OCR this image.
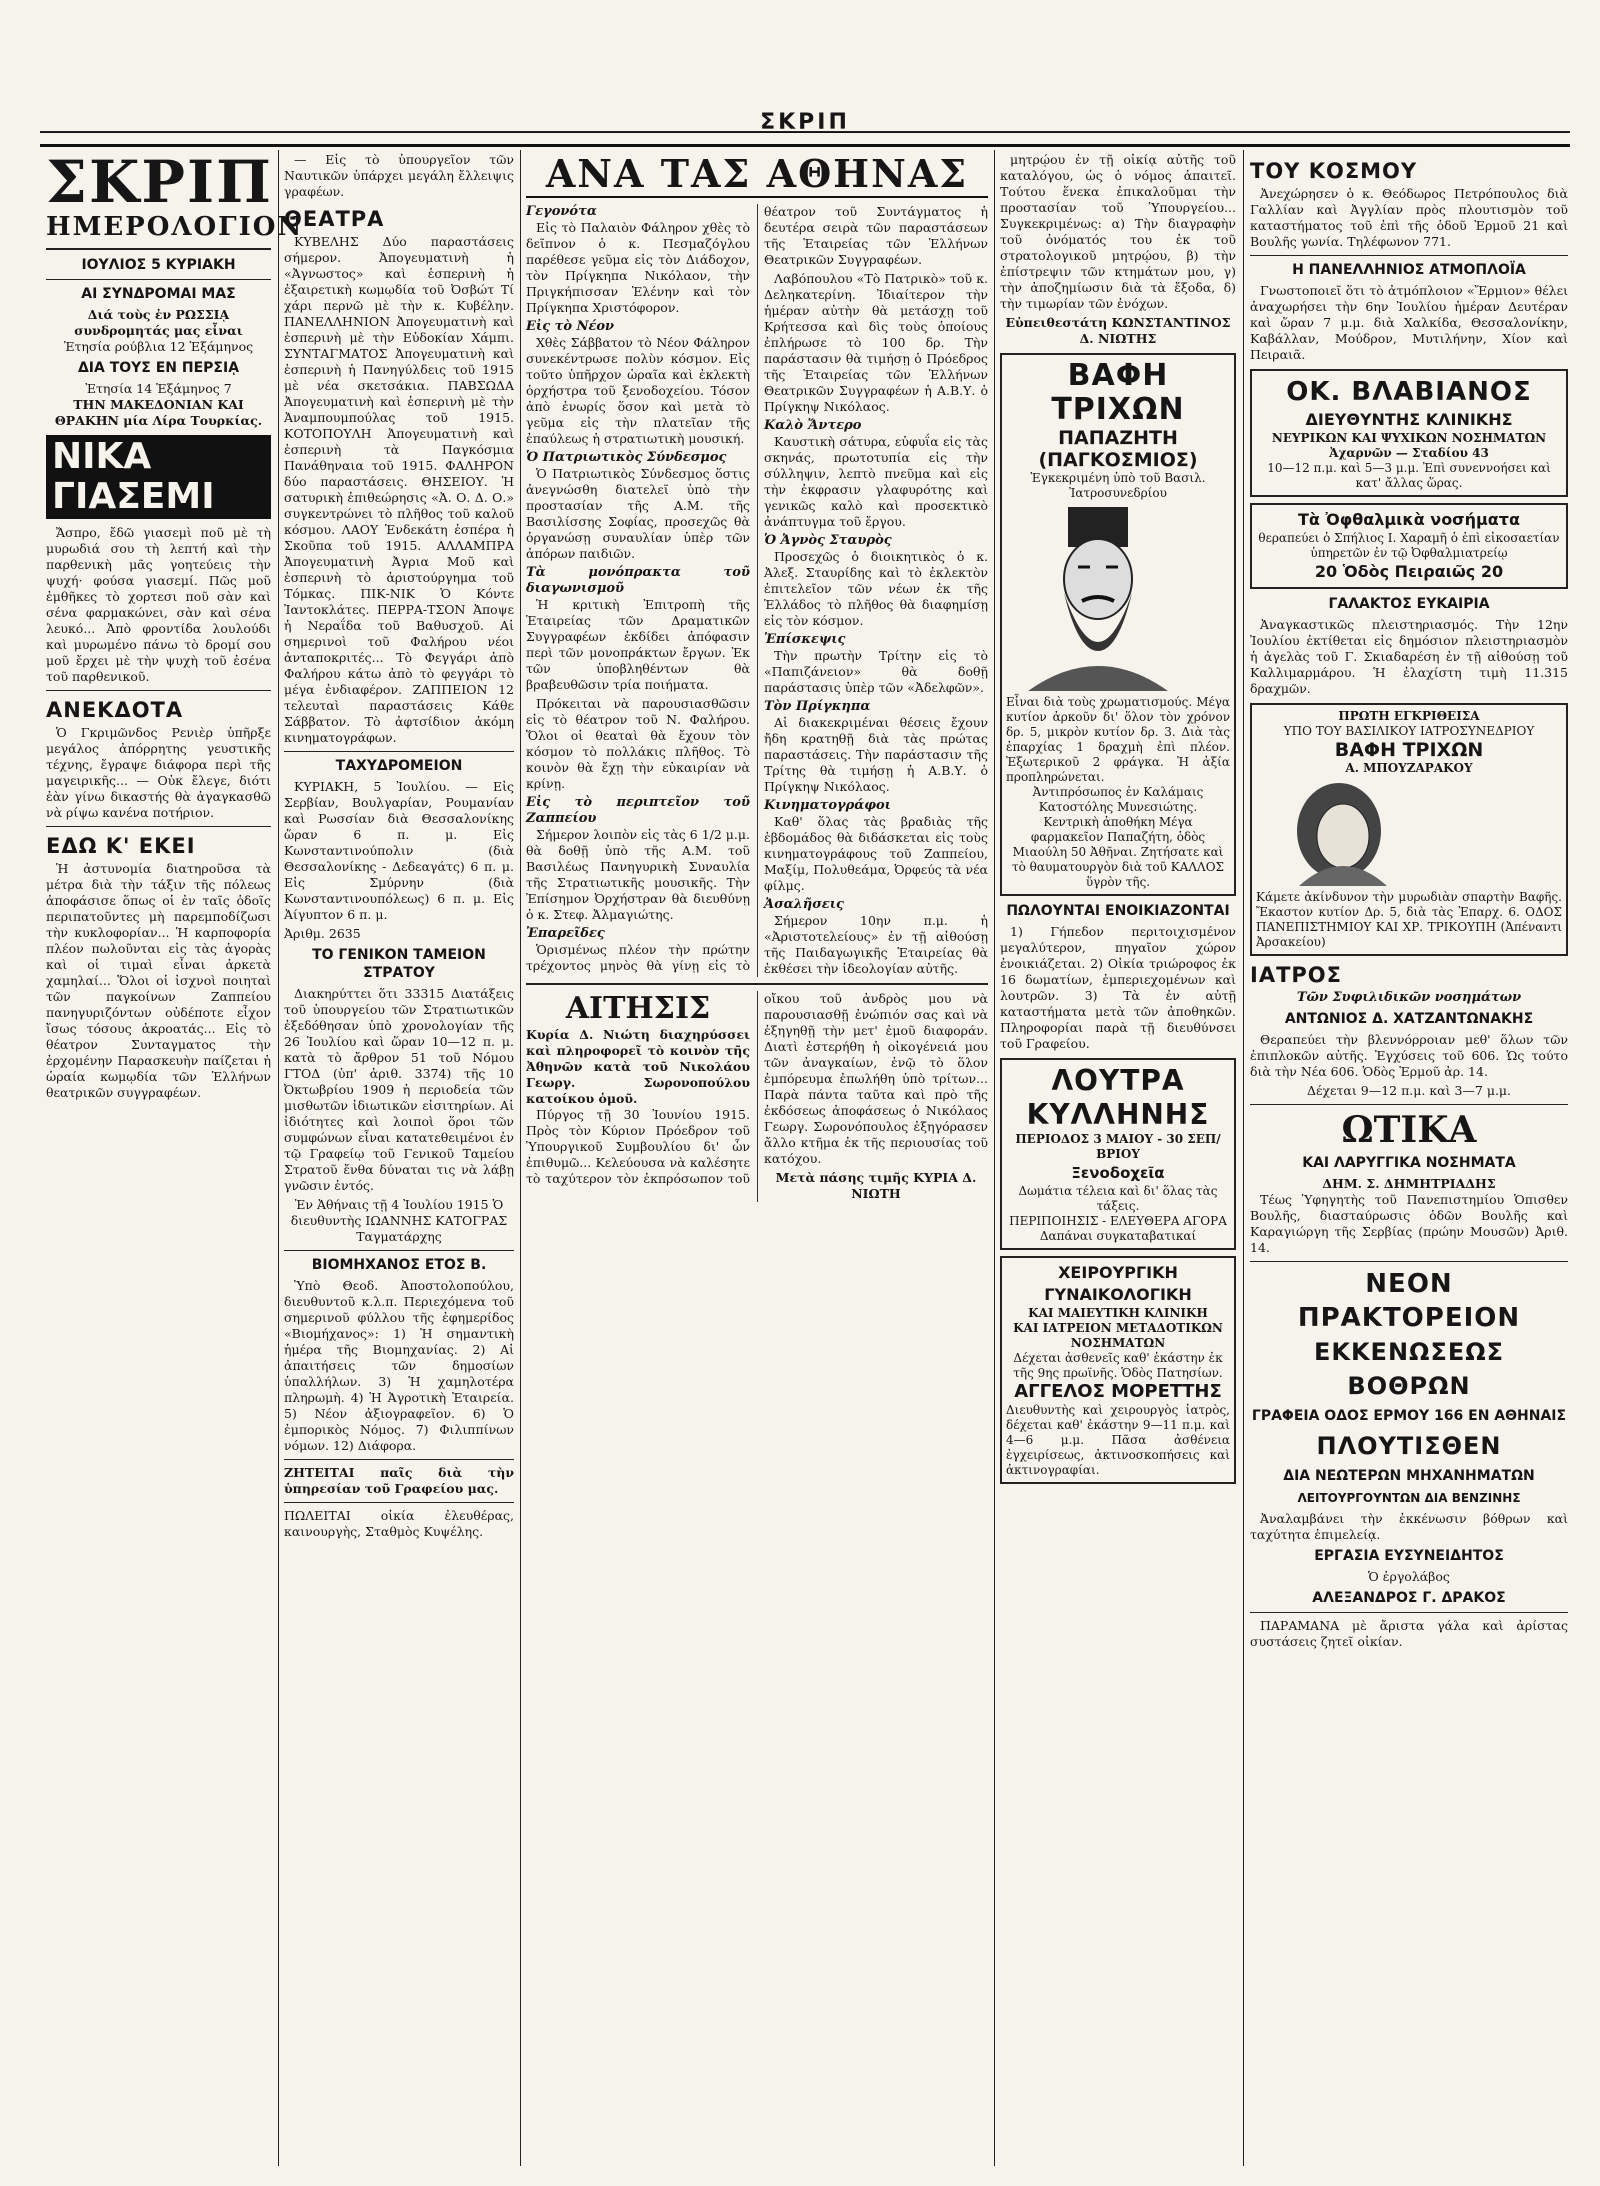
ΣΚΡΙΠ
ΣΚΡΙΠ
ΗΜΕΡΟΛΟΓΙΟΝ
ΙΟΥΛΙΟΣ 5 ΚΥΡΙΑΚΗ
ΑΙ ΣΥΝΔΡΟΜΑΙ ΜΑΣ
Διά τοὺς ἐν ΡΩΣΣΙᾼ συνδρομητάς μας εἶναι
Ἐτησία ρούβλια 12 Ἑξάμηνος
ΔΙΑ ΤΟΥΣ ΕΝ ΠΕΡΣΙᾼ
Ἐτησία 14 Ἑξάμηνος 7
ΤΗΝ ΜΑΚΕΔΟΝΙΑΝ ΚΑΙ ΘΡΑΚΗΝ μία Λίρα Τουρκίας.
ΝΙΚΑ ΓΙΑΣΕΜΙ

Ἄσπρο, ἔδῶ γιασεμὶ ποῦ μὲ τὴ μυρωδιά σου τὴ λεπτή καὶ τὴν παρθενικὴ μᾶς γοητεύεις τὴν ψυχή· φούσα γιασεμί. Πῶς μοῦ ἐμθῆκες τὸ χορτεσι ποῦ σὰν καὶ σένα φαρμακώνει, σὰν καὶ σένα λευκό... Ἀπὸ φροντίδα λουλούδι καὶ μυρωμένο πάνω τὸ δρομί σου μοῦ ἔρχει μὲ τὴν ψυχὴ τοῦ ἐσένα τοῦ παρθενικοῦ.

ΑΝΕΚΔΟΤΑ

Ὁ Γκριμῶνδος Ρενιὲρ ὑπῆρξε μεγάλος ἀπόρρητης γευστικῆς τέχνης, ἔγραψε διάφορα περὶ τῆς μαγειρικῆς... — Οὐκ ἔλεγε, διότι ἐὰν γίνω δικαστής θὰ ἀγαγκασθῶ νὰ ρίψω κανένα ποτήριον.

ΕΔΩ Κ' ΕΚΕΙ

Ἡ ἀστυνομία διατηροῦσα τὰ μέτρα διὰ τὴν τάξιν τῆς πόλεως ἀποφάσισε ὅπως οἱ ἐν ταῖς ὁδοῖς περιπατοῦντες μὴ παρεμποδίζωσι τὴν κυκλοφορίαν... Ἡ καρποφορία πλέον πωλοῦνται εἰς τὰς ἀγορὰς καὶ οἱ τιμαὶ εἶναι ἀρκετὰ χαμηλαί... Ὅλοι οἱ ἰσχνοὶ ποιηταὶ τῶν παγκοίνων Ζαππείου πανηγυριζόντων οὐδέποτε εἶχον ἴσως τόσους ἀκροατάς... Εἰς τὸ θέατρον Συνταγματος τὴν ἐρχομένην Παρασκευὴν παίζεται ἡ ὡραία κωμῳδία τῶν Ἑλλήνων θεατρικῶν συγγραφέων.

— Εἰς τὸ ὑπουργεῖον τῶν Ναυτικῶν ὑπάρχει μεγάλη ἔλλειψις γραφέων.

ΘΕΑΤΡΑ

ΚΥΒΕΛΗΣ Δύο παραστάσεις σήμερον. Ἀπογευματινὴ ἡ «Ἀγνωστος» καὶ ἑσπερινὴ ἡ ἐξαιρετικὴ κωμῳδία τοῦ Ὀσβώτ Τί χάρι περνῶ μὲ τὴν κ. Κυβέλην. ΠΑΝΕΛΛΗΝΙΟΝ Ἀπογευματινὴ καὶ ἑσπερινὴ μὲ τὴν Εὐδοκίαν Χάμπι. ΣΥΝΤΑΓΜΑΤΟΣ Ἀπογευματινὴ καὶ ἑσπερινὴ ἡ Πανηγύλδεις τοῦ 1915 μὲ νέα σκετσάκια. ΠΑΒΣΩΔΑ Ἀπογευματινὴ καὶ ἑσπερινὴ μὲ τὴν Ἀναμπουμπούλας τοῦ 1915. ΚΟΤΟΠΟΥΛΗ Ἀπογευματινὴ καὶ ἑσπερινὴ τὰ Παγκόσμια Πανάθηναια τοῦ 1915. ΦΑΛΗΡΟΝ δύο παραστάσεις. ΘΗΣΕΙΟΥ. Ἡ σατυρικὴ ἐπιθεώρησις «Ἀ. Ο. Δ. Ο.» συγκεντρώνει τὸ πλῆθος τοῦ καλοῦ κόσμου. ΛΑΟΥ Ἑνδεκάτη ἐσπέρα ἡ Σκοῦπα τοῦ 1915. ΑΛΛΑΜΠΡΑ Ἀπογευματινὴ Ἀγρια Μοῦ καὶ ἑσπερινὴ τὸ ἀριστούργημα τοῦ Τόμκας. ΠΙΚ-ΝΙΚ Ὁ Κόντε Ἰαντοκλάτες. ΠΕΡΡΑ-ΤΣΟΝ Ἀποψε ἡ Νεραΐδα τοῦ Βαθυσχοῦ. Αἱ σημερινοὶ τοῦ Φαλήρου νέοι ἀνταποκριτές... Τὸ Φεγγάρι ἀπὸ Φαλήρου κάτω ἀπὸ τὸ φεγγάρι τὸ μέγα ἐνδιαφέρον. ΖΑΠΠΕΙΟΝ 12 τελευταὶ παραστάσεις Κάθε Σάββατον. Τὸ ἀφτσίδιον ἀκόμη κινηματογράφων.

ΤΑΧΥΔΡΟΜΕΙΟΝ

ΚΥΡΙΑΚΗ, 5 Ἰουλίου. — Εἰς Σερβίαν, Βουλγαρίαν, Ρουμανίαν καὶ Ρωσσίαν διὰ Θεσσαλονίκης ὥραν 6 π. μ. Εἰς Κωνσταντινούπολιν (διὰ Θεσσαλονίκης - Δεδεαγάτς) 6 π. μ. Εἰς Σμύρνην (διὰ Κωνσταντινουπόλεως) 6 π. μ. Εἰς Ἀίγυπτον 6 π. μ.

Ἀριθμ. 2635
ΤΟ ΓΕΝΙΚΟΝ ΤΑΜΕΙΟΝ ΣΤΡΑΤΟΥ

Διακηρύττει ὅτι 33315 Διατάξεις τοῦ ὑπουργείου τῶν Στρατιωτικῶν ἐξεδόθησαν ὑπὸ χρονολογίαν τῆς 26 Ἰουλίου καὶ ὥραν 10—12 π. μ. κατὰ τὸ ἄρθρον 51 τοῦ Νόμου ΓΤΟΔ (ὑπ' ἀριθ. 3374) τῆς 10 Ὀκτωβρίου 1909 ἡ περιοδεία τῶν μισθωτῶν ἰδιωτικῶν εἰσιτηρίων. Αἱ ἰδιότητες καὶ λοιποὶ ὅροι τῶν συμφώνων εἶναι κατατεθειμένοι ἐν τῷ Γραφείῳ τοῦ Γενικοῦ Ταμείου Στρατοῦ ἔνθα δύναται τις νὰ λάβῃ γνῶσιν ἐντός.

Ἐν Ἀθήναις τῇ 4 Ἰουλίου 1915 Ὁ διευθυντὴς ΙΩΑΝΝΗΣ ΚΑΤΟΓΡΑΣ Ταγματάρχης
ΒΙΟΜΗΧΑΝΟΣ ΕΤΟΣ Β.

Ὑπὸ Θεοδ. Ἀποστολοπούλου, διευθυντοῦ κ.λ.π. Περιεχόμενα τοῦ σημερινοῦ φύλλου τῆς ἐφημερίδος «Βιομήχανος»: 1) Ἡ σημαντικὴ ἡμέρα τῆς Βιομηχανίας. 2) Αἱ ἀπαιτήσεις τῶν δημοσίων ὑπαλλήλων. 3) Ἡ χαμηλοτέρα πληρωμὴ. 4) Ἡ Ἀγροτικὴ Ἑταιρεία. 5) Νέον ἀξιογραφεῖον. 6) Ὁ ἐμπορικὸς Νόμος. 7) Φιλιππίνων νόμων. 12) Διάφορα.

ΖΗΤΕΙΤΑΙ παῖς διὰ τὴν ὑπηρεσίαν τοῦ Γραφείου μας.
ΠΩΛΕΙΤΑΙ οἰκία ἐλευθέρας, καινουργὴς, Σταθμὸς Κυψέλης.
ΑΝΑ ΤΑΣ ΑΘΗΝΑΣ
Γεγονότα

Εἰς τὸ Παλαιὸν Φάληρον χθὲς τὸ δεῖπνον ὁ κ. Πεσμαζόγλου παρέθεσε γεῦμα εἰς τὸν Διάδοχον, τὸν Πρίγκηπα Νικόλαον, τὴν Πριγκήπισσαν Ἑλένην καὶ τὸν Πρίγκηπα Χριστόφορον.

Εἰς τὸ Νέον

Χθὲς Σάββατον τὸ Νέον Φάληρον συνεκέντρωσε πολὺν κόσμον. Εἰς τοῦτο ὑπῆρχον ὡραῖα καὶ ἐκλεκτὴ ὁρχήστρα τοῦ ξενοδοχείου. Τόσον ἀπὸ ἐνωρίς ὅσον καὶ μετὰ τὸ γεῦμα εἰς τὴν πλατεῖαν τῆς ἐπαύλεως ἡ στρατιωτικὴ μουσική.

Ὁ Πατριωτικὸς Σύνδεσμος

Ὁ Πατριωτικὸς Σύνδεσμος ὅστις ἀνεγνώσθη διατελεῖ ὑπὸ τὴν προστασίαν τῆς Α.Μ. τῆς Βασιλίσσης Σοφίας, προσεχῶς θὰ ὀργανώσῃ συναυλίαν ὑπὲρ τῶν ἀπόρων παιδιῶν.

Τὰ μονόπρακτα τοῦ διαγωνισμοῦ

Ἡ κριτικὴ Ἐπιτροπὴ τῆς Ἑταιρείας τῶν Δραματικῶν Συγγραφέων ἐκδίδει ἀπόφασιν περὶ τῶν μονοπράκτων ἔργων. Ἐκ τῶν ὑποβληθέντων θὰ βραβευθῶσιν τρία ποιήματα.

Πρόκειται νὰ παρουσιασθῶσιν εἰς τὸ θέατρον τοῦ Ν. Φαλήρου. Ὅλοι οἱ θεαταὶ θὰ ἔχουν τὸν κόσμον τὸ πολλάκις πλῆθος. Τὸ κοινὸν θὰ ἔχῃ τὴν εὐκαιρίαν νὰ κρίνῃ.

Εἰς τὸ περιπτεῖον τοῦ Ζαππείου

Σήμερον λοιπὸν εἰς τὰς 6 1/2 μ.μ. θὰ δοθῇ ὑπὸ τῆς Α.Μ. τοῦ Βασιλέως Πανηγυρικὴ Συναυλία τῆς Στρατιωτικῆς μουσικῆς. Τὴν Ἐπίσημον Ὀρχήστραν θὰ διευθύνῃ ὁ κ. Στεφ. Ἀλμαγιώτης.

Ἐπαρεῖδες

Ὁρισμένως πλέον τὴν πρώτην τρέχοντος μηνὸς θὰ γίνῃ εἰς τὸ θέατρον τοῦ Συντάγματος ἡ δευτέρα σειρὰ τῶν παραστάσεων τῆς Ἑταιρείας τῶν Ἑλλήνων Θεατρικῶν Συγγραφέων.

Λαβόπουλου «Τὸ Πατρικὸ» τοῦ κ. Δεληκατερίνη. Ἰδιαίτερον τὴν ἡμέραν αὐτὴν θὰ μετάσχῃ τοῦ Κρήτεσσα καὶ δὶς τοὺς ὁποίους ἐπλήρωσε τὸ 100 δρ. Τὴν παράστασιν θὰ τιμήσῃ ὁ Πρόεδρος τῆς Ἑταιρείας τῶν Ἑλλήνων Θεατρικῶν Συγγραφέων ἡ Α.Β.Υ. ὁ Πρίγκηψ Νικόλαος.

Καλὸ Ἄντερο

Καυστικὴ σάτυρα, εὐφυΐα εἰς τὰς σκηνάς, πρωτοτυπία εἰς τὴν σύλληψιν, λεπτὸ πνεῦμα καὶ εἰς τὴν ἐκφρασιν γλαφυρότης καὶ γενικῶς καλὸ καὶ προσεκτικὸ ἀνάπτυγμα τοῦ ἔργου.

Ὁ Ἀγνὸς Σταυρὸς

Προσεχῶς ὁ διοικητικὸς ὁ κ. Ἀλεξ. Σταυρίδης καὶ τὸ ἐκλεκτὸν ἐπιτελεῖον τῶν νέων ἐκ τῆς Ἑλλάδος τὸ πλῆθος θὰ διαφημίσῃ εἰς τὸν κόσμον.

Ἐπίσκεψις

Τὴν πρωτὴν Τρίτην εἰς τὸ «Παπιζάνειον» θὰ δοθῇ παράστασις ὑπὲρ τῶν «Ἀδελφῶν».

Τὸν Πρίγκηπα

Αἱ διακεκριμέναι θέσεις ἔχουν ἤδη κρατηθῇ διὰ τὰς πρώτας παραστάσεις. Τὴν παράστασιν τῆς Τρίτης θὰ τιμήσῃ ἡ Α.Β.Υ. ὁ Πρίγκηψ Νικόλαος.

Κινηματογράφοι

Καθ' ὅλας τὰς βραδιὰς τῆς ἑβδομάδος θὰ διδάσκεται εἰς τοὺς κινηματογράφους τοῦ Ζαππείου, Μαξίμ, Πολυθεάμα, Ὀρφεύς τὰ νέα φίλμς.

Ἀσαλῆσεις

Σήμερον 10ην π.μ. ἡ «Ἀριστοτελείους» ἐν τῇ αἰθούσῃ τῆς Παιδαγωγικῆς Ἑταιρείας θὰ ἐκθέσει τὴν ἰδεολογίαν αὐτῆς.

ΑΙΤΗΣΙΣ
Κυρία Δ. Νιώτη διαχηρύσσει καὶ πληροφορεῖ τὸ κοινὸν τῆς Ἀθηνῶν κατὰ τοῦ Νικολάου Γεωργ. Σωρονοπούλου κατοίκου ὁμοῦ.

Πύργος τῇ 30 Ἰουνίου 1915. Πρὸς τὸν Κύριον Πρόεδρον τοῦ Ὑπουργικοῦ Συμβουλίου δι' ὧν ἐπιθυμῶ... Κελεύουσα νὰ καλέσητε τὸ ταχύτερον τὸν ἐκπρόσωπον τοῦ οἴκου τοῦ ἀνδρὸς μου νὰ παρουσιασθῇ ἐνώπιόν σας καὶ νὰ ἐξηγηθῇ τὴν μετ' ἐμοῦ διαφοράν. Διατὶ ἐστερήθη ἡ οἰκογένειά μου τῶν ἀναγκαίων, ἐνῷ τὸ ὅλον ἐμπόρευμα ἐπωλήθη ὑπὸ τρίτων... Παρὰ πάντα ταῦτα καὶ πρὸ τῆς ἐκδόσεως ἀποφάσεως ὁ Νικόλαος Γεωργ. Σωρονόπουλος ἐξηγόρασεν ἄλλο κτῆμα ἐκ τῆς περιουσίας τοῦ κατόχου.

Μετὰ πάσης τιμῆς ΚΥΡΙΑ Δ. ΝΙΩΤΗ

μητρῴου ἐν τῇ οἰκίᾳ αὐτῆς τοῦ καταλόγου, ὡς ὁ νόμος ἀπαιτεῖ. Τούτου ἕνεκα ἐπικαλοῦμαι τὴν προστασίαν τοῦ Ὑπουργείου... Συγκεκριμένως: α) Τὴν διαγραφὴν τοῦ ὀνόματός του ἐκ τοῦ στρατολογικοῦ μητρῴου, β) τὴν ἐπίστρεψιν τῶν κτημάτων μου, γ) τὴν ἀποζημίωσιν διὰ τὰ ἔξοδα, δ) τὴν τιμωρίαν τῶν ἐνόχων.

Εὐπειθεστάτη ΚΩΝΣΤΑΝΤΙΝΟΣ Δ. ΝΙΩΤΗΣ
ΒΑΦΗ ΤΡΙΧΩΝ
ΠΑΠΑΖΗΤΗ (ΠΑΓΚΟΣΜΙΟΣ)
Ἐγκεκριμένη ὑπὸ τοῦ Βασιλ. Ἰατροσυνεδρίου
Εἶναι διὰ τοὺς χρωματισμούς. Μέγα κυτίον ἀρκοῦν δι' ὅλον τὸν χρόνον δρ. 5, μικρὸν κυτίον δρ. 3. Διὰ τὰς ἐπαρχίας 1 δραχμὴ ἐπὶ πλέον. Ἐξωτερικοῦ 2 φράγκα. Ἡ ἀξία προπληρώνεται.
Ἀντιπρόσωπος ἐν Καλάμαις Κατοστόλης Μυνεσιώτης.
Κεντρικὴ ἀποθήκη Μέγα φαρμακεῖον Παπαζήτη, ὁδὸς Μιαούλη 50 Ἀθῆναι. Ζητήσατε καὶ τὸ θαυματουργὸν διὰ τοῦ ΚΑΛΛΟΣ ὕγρὸν τῆς.
ΠΩΛΟΥΝΤΑΙ ΕΝΟΙΚΙΑΖΟΝΤΑΙ

1) Γήπεδον περιτοιχισμένον μεγαλύτερον, πηγαῖον χώρον ἐνοικιάζεται. 2) Οἰκία τριώροφος ἐκ 16 δωματίων, ἐμπεριεχομένων καὶ λουτρῶν. 3) Τὰ ἐν αὐτῇ καταστήματα μετὰ τῶν ἀποθηκῶν. Πληροφορίαι παρὰ τῇ διευθύνσει τοῦ Γραφείου.

ΛΟΥΤΡΑ ΚΥΛΛΗΝΗΣ
ΠΕΡΙΟΔΟΣ 3 ΜΑΙΟΥ - 30 ΣΕΠ/ΒΡΙΟΥ
Ξενοδοχεῖα
Δωμάτια τέλεια καὶ δι' ὅλας τὰς τάξεις.
ΠΕΡΙΠΟΙΗΣΙΣ - ΕΛΕΥΘΕΡΑ ΑΓΟΡΑ
Δαπάναι συγκαταβατικαί
ΧΕΙΡΟΥΡΓΙΚΗ ΓΥΝΑΙΚΟΛΟΓΙΚΗ
ΚΑΙ ΜΑΙΕΥΤΙΚΗ ΚΛΙΝΙΚΗ
ΚΑΙ ΙΑΤΡΕΙΟΝ ΜΕΤΑΔΟΤΙΚΩΝ ΝΟΣΗΜΑΤΩΝ
Δέχεται ἀσθενεῖς καθ' ἑκάστην ἐκ τῆς 9ης πρωϊνῆς. Ὁδὸς Πατησίων.
ΑΓΓΕΛΟΣ ΜΟΡΕΤΤΗΣ
Διευθυντὴς καὶ χειρουργὸς ἰατρὸς, δέχεται καθ' ἑκάστην 9—11 π.μ. καὶ 4—6 μ.μ. Πᾶσα ἀσθένεια ἐγχειρίσεως, ἀκτινοσκοπήσεις καὶ ἀκτινογραφίαι.
ΤΟΥ ΚΟΣΜΟΥ

Ἀνεχώρησεν ὁ κ. Θεόδωρος Πετρόπουλος διὰ Γαλλίαν καὶ Ἀγγλίαν πρὸς πλουτισμὸν τοῦ καταστήματος τοῦ ἐπὶ τῆς ὁδοῦ Ἑρμοῦ 21 καὶ Βουλῆς γωνία. Τηλέφωνον 771.

Η ΠΑΝΕΛΛΗΝΙΟΣ ΑΤΜΟΠΛΟΪΑ

Γνωστοποιεῖ ὅτι τὸ ἀτμόπλοιον «Ἔρμιον» θέλει ἀναχωρήσει τὴν 6ην Ἰουλίου ἡμέραν Δευτέραν καὶ ὥραν 7 μ.μ. διὰ Χαλκίδα, Θεσσαλονίκην, Καβάλλαν, Μούδρον, Μυτιλήνην, Χίον καὶ Πειραιᾶ.

ΟΚ. ΒΛΑΒΙΑΝΟΣ
ΔΙΕΥΘΥΝΤΗΣ ΚΛΙΝΙΚΗΣ
ΝΕΥΡΙΚΩΝ ΚΑΙ ΨΥΧΙΚΩΝ ΝΟΣΗΜΑΤΩΝ
Ἀχαρνῶν — Σταδίου 43
10—12 π.μ. καὶ 5—3 μ.μ. Ἐπὶ συνεννοήσει καὶ κατ' ἄλλας ὥρας.
Τὰ Ὀφθαλμικὰ νοσήματα
θεραπεύει ὁ Σπήλιος Ι. Χαραμῆ ὁ ἐπὶ εἰκοσαετίαν ὑπηρετῶν ἐν τῷ Ὀφθαλμιατρείῳ
20 Ὁδὸς Πειραιῶς 20
ΓΑΛΑΚΤΟΣ ΕΥΚΑΙΡΙΑ

Ἀναγκαστικῶς πλειστηριασμός. Τὴν 12ην Ἰουλίου ἐκτίθεται εἰς δημόσιον πλειστηριασμὸν ἡ ἀγελὰς τοῦ Γ. Σκιαδαρέση ἐν τῇ αἰθούσῃ τοῦ Καλλιμαρμάρου. Ἡ ἐλαχίστη τιμὴ 11.315 δραχμῶν.

ΠΡΩΤΗ ΕΓΚΡΙΘΕΙΣΑ
ΥΠΟ ΤΟΥ ΒΑΣΙΛΙΚΟΥ ΙΑΤΡΟΣΥΝΕΔΡΙΟΥ
ΒΑΦΗ ΤΡΙΧΩΝ
Α. ΜΠΟΥΖΑΡΑΚΟΥ
Κάμετε ἀκίνδυνον τὴν μυρωδιὰν σπαρτὴν Βαφῆς. Ἔκαστον κυτίον Δρ. 5, διὰ τὰς Ἐπαρχ. 6. ΟΔΟΣ ΠΑΝΕΠΙΣΤΗΜΙΟΥ ΚΑΙ ΧΡ. ΤΡΙΚΟΥΠΗ (Ἀπέναντι Ἀρσακείου)
ΙΑΤΡΟΣ
Τῶν Συφιλιδικῶν νοσημάτων
ΑΝΤΩΝΙΟΣ Δ. ΧΑΤΖΑΝΤΩΝΑΚΗΣ

Θεραπεύει τὴν βλεννόρροιαν μεθ' ὅλων τῶν ἐπιπλοκῶν αὐτῆς. Ἐγχύσεις τοῦ 606. Ὡς τούτο διὰ τὴν Νέα 606. Ὁδὸς Ἑρμοῦ ἀρ. 14.

Δέχεται 9—12 π.μ. καὶ 3—7 μ.μ.
ΩΤΙΚΑ
ΚΑΙ ΛΑΡΥΓΓΙΚΑ ΝΟΣΗΜΑΤΑ
ΔΗΜ. Σ. ΔΗΜΗΤΡΙΑΔΗΣ

Τέως Ὑφηγητὴς τοῦ Πανεπιστημίου Ὁπισθεν Βουλῆς, διασταύρωσις ὁδῶν Βουλῆς καὶ Καραγιώργη τῆς Σερβίας (πρώην Μουσῶν) Ἀριθ. 14.

ΝΕΟΝ ΠΡΑΚΤΟΡΕΙΟΝ
ΕΚΚΕΝΩΣΕΩΣ ΒΟΘΡΩΝ
ΓΡΑΦΕΙΑ ΟΔΟΣ ΕΡΜΟΥ 166 ΕΝ ΑΘΗΝΑΙΣ
ΠΛΟΥΤΙΣΘΕΝ
ΔΙΑ ΝΕΩΤΕΡΩΝ ΜΗΧΑΝΗΜΑΤΩΝ
ΛΕΙΤΟΥΡΓΟΥΝΤΩΝ ΔΙΑ ΒΕΝΖΙΝΗΣ

Ἀναλαμβάνει τὴν ἐκκένωσιν βόθρων καὶ ταχύτητα ἐπιμελείᾳ.

ΕΡΓΑΣΙΑ ΕΥΣΥΝΕΙΔΗΤΟΣ
Ὁ ἐργολάβος
ΑΛΕΞΑΝΔΡΟΣ Γ. ΔΡΑΚΟΣ

ΠΑΡΑΜΑΝΑ μὲ ἄριστα γάλα καὶ ἀρίστας συστάσεις ζητεῖ οἰκίαν.
